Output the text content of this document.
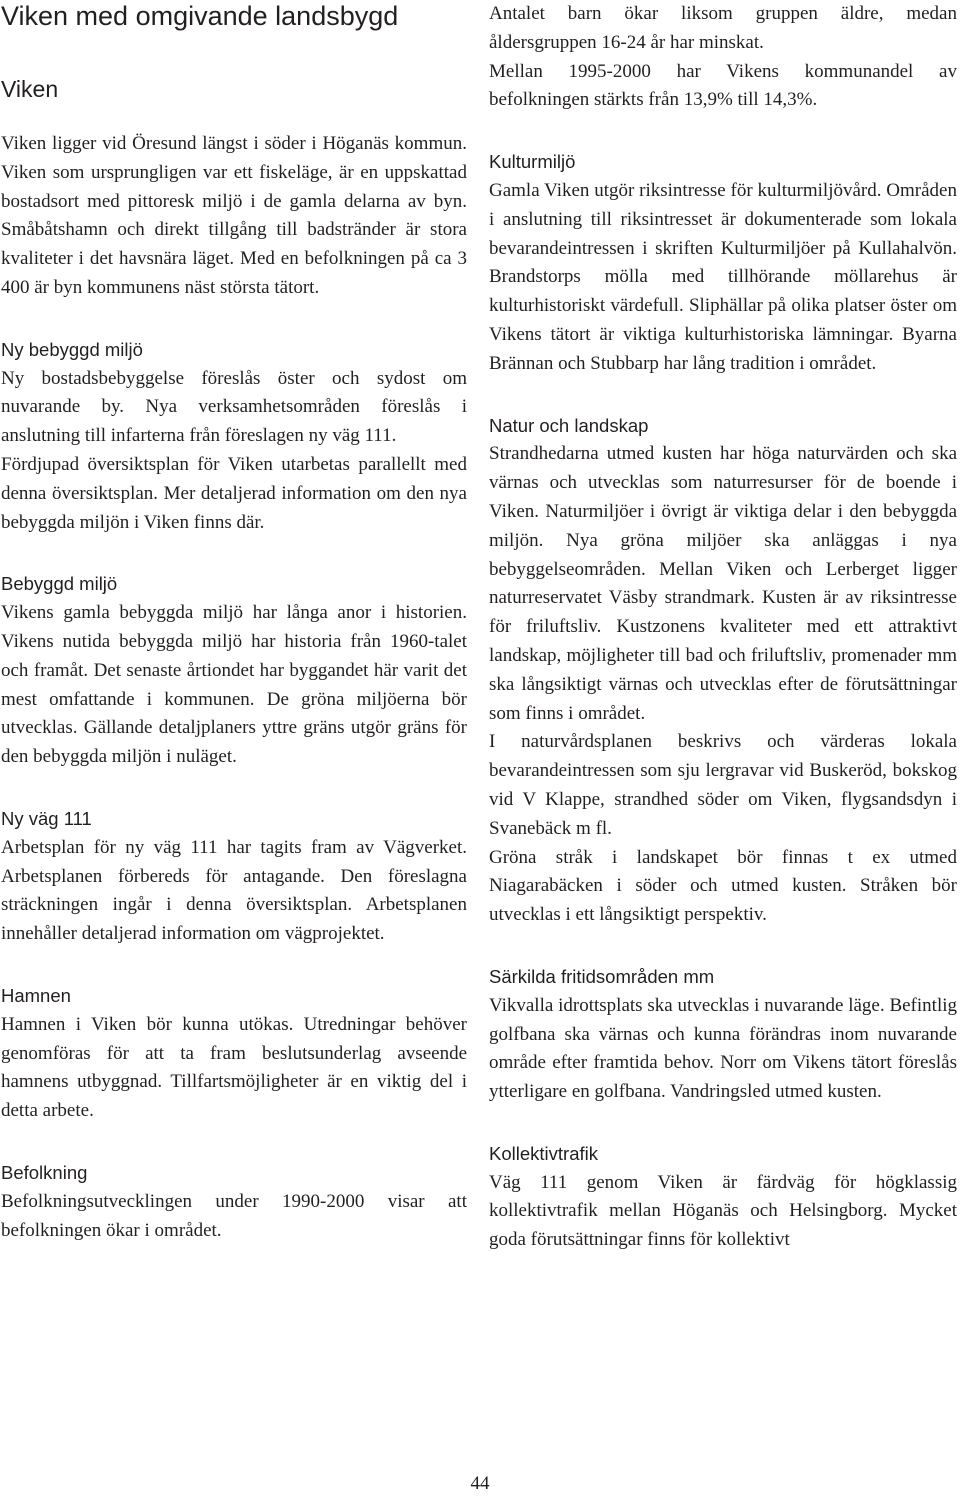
Viken med omgivande landsbygd
Viken

Viken ligger vid Öresund längst i söder i Höganäs kommun. Viken som ursprungligen var ett fiskeläge, är en uppskattad bostadsort med pittoresk miljö i de gamla delarna av byn. Småbåtshamn och direkt tillgång till badstränder är stora kvaliteter i det havsnära läget. Med en befolkningen på ca 3 400 är byn kommunens näst största tätort.

Ny bebyggd miljö

Ny bostadsbebyggelse föreslås öster och sydost om nuvarande by. Nya verksamhetsområden föreslås i anslutning till infarterna från föreslagen ny väg 111.

Fördjupad översiktsplan för Viken utarbetas parallellt med denna översiktsplan. Mer detaljerad information om den nya bebyggda miljön i Viken finns där.

Bebyggd miljö

Vikens gamla bebyggda miljö har långa anor i historien. Vikens nutida bebyggda miljö har historia från 1960-talet och framåt. Det senaste årtiondet har byggandet här varit det mest omfattande i kommunen. De gröna miljöerna bör utvecklas. Gällande detaljplaners yttre gräns utgör gräns för den bebyggda miljön i nuläget.

Ny väg 111

Arbetsplan för ny väg 111 har tagits fram av Vägverket. Arbetsplanen förbereds för antagande. Den föreslagna sträckningen ingår i denna översiktsplan. Arbetsplanen innehåller detaljerad information om vägprojektet.

Hamnen

Hamnen i Viken bör kunna utökas. Utredningar behöver genomföras för att ta fram beslutsunderlag avseende hamnens utbyggnad. Tillfartsmöjligheter är en viktig del i detta arbete.

Befolkning

Befolkningsutvecklingen under 1990-2000 visar att befolkningen ökar i området.

Antalet barn ökar liksom gruppen äldre, medan åldersgruppen 16-24 år har minskat.

Mellan 1995-2000 har Vikens kommunandel av befolkningen stärkts från 13,9% till 14,3%.

Kulturmiljö

Gamla Viken utgör riksintresse för kulturmiljövård. Områden i anslutning till riksintresset är dokumenterade som lokala bevarandeintressen i skriften Kulturmiljöer på Kullahalvön. Brandstorps mölla med tillhörande möllarehus är kulturhistoriskt värdefull. Sliphällar på olika platser öster om Vikens tätort är viktiga kulturhistoriska lämningar. Byarna Brännan och Stubbarp har lång tradition i området.

Natur och landskap

Strandhedarna utmed kusten har höga naturvärden och ska värnas och utvecklas som naturresurser för de boende i Viken. Naturmiljöer i övrigt är viktiga delar i den bebyggda miljön. Nya gröna miljöer ska anläggas i nya bebyggelseområden. Mellan Viken och Lerberget ligger naturreservatet Väsby strandmark. Kusten är av riksintresse för friluftsliv. Kustzonens kvaliteter med ett attraktivt landskap, möjligheter till bad och friluftsliv, promenader mm ska långsiktigt värnas och utvecklas efter de förutsättningar som finns i området.

I naturvårdsplanen beskrivs och värderas lokala bevarandeintressen som sju lergravar vid Buskeröd, bokskog vid V Klappe, strandhed söder om Viken, flygsandsdyn i Svanebäck m fl.

Gröna stråk i landskapet bör finnas t ex utmed Niagarabäcken i söder och utmed kusten. Stråken bör utvecklas i ett långsiktigt perspektiv.

Särkilda fritidsområden mm

Vikvalla idrottsplats ska utvecklas i nuvarande läge. Befintlig golfbana ska värnas och kunna förändras inom nuvarande område efter framtida behov. Norr om Vikens tätort föreslås ytterligare en golfbana. Vandringsled utmed kusten.

Kollektivtrafik

Väg 111 genom Viken är färdväg för högklassig kollektivtrafik mellan Höganäs och Helsingborg. Mycket goda förutsättningar finns för kollektivt

44
